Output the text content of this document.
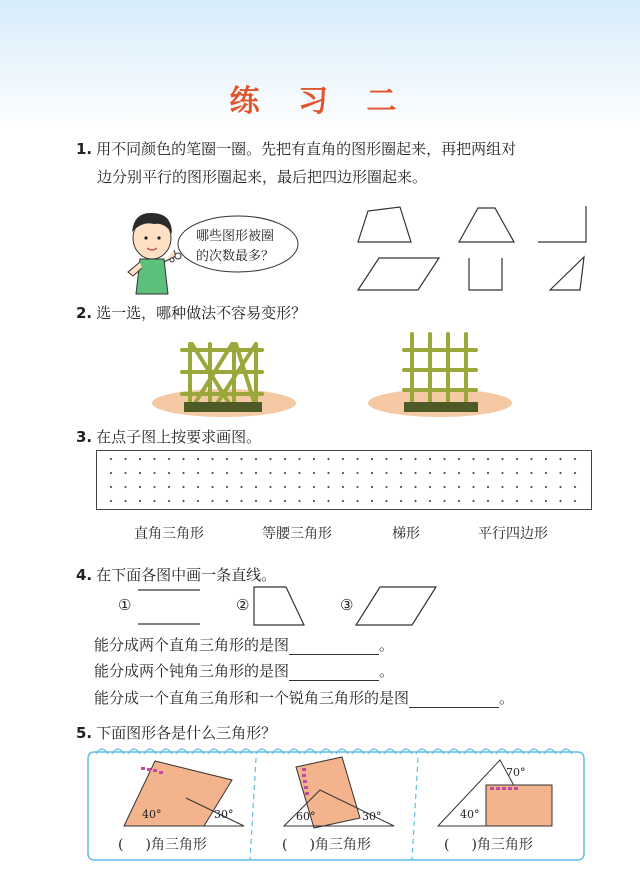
练 习 二
1. 用不同颜色的笔圈一圈。先把有直角的图形圈起来，再把两组对
边分别平行的图形圈起来，最后把四边形圈起来。
哪些图形被圈
的次数最多？
2. 选一选，哪种做法不容易变形？
3. 在点子图上按要求画图。
直角三角形	等腰三角形	梯形	平行四边形
4. 在下面各图中画一条直线。
①	②	③
能分成两个直角三角形的是图	。
能分成两个钝角三角形的是图	。
能分成一个直角三角形和一个锐角三角形的是图	。
5. 下面图形各是什么三角形？
40°	30°	60°	30°
70°
40°
( )角三角形	( )角三角形	( )角三角形
